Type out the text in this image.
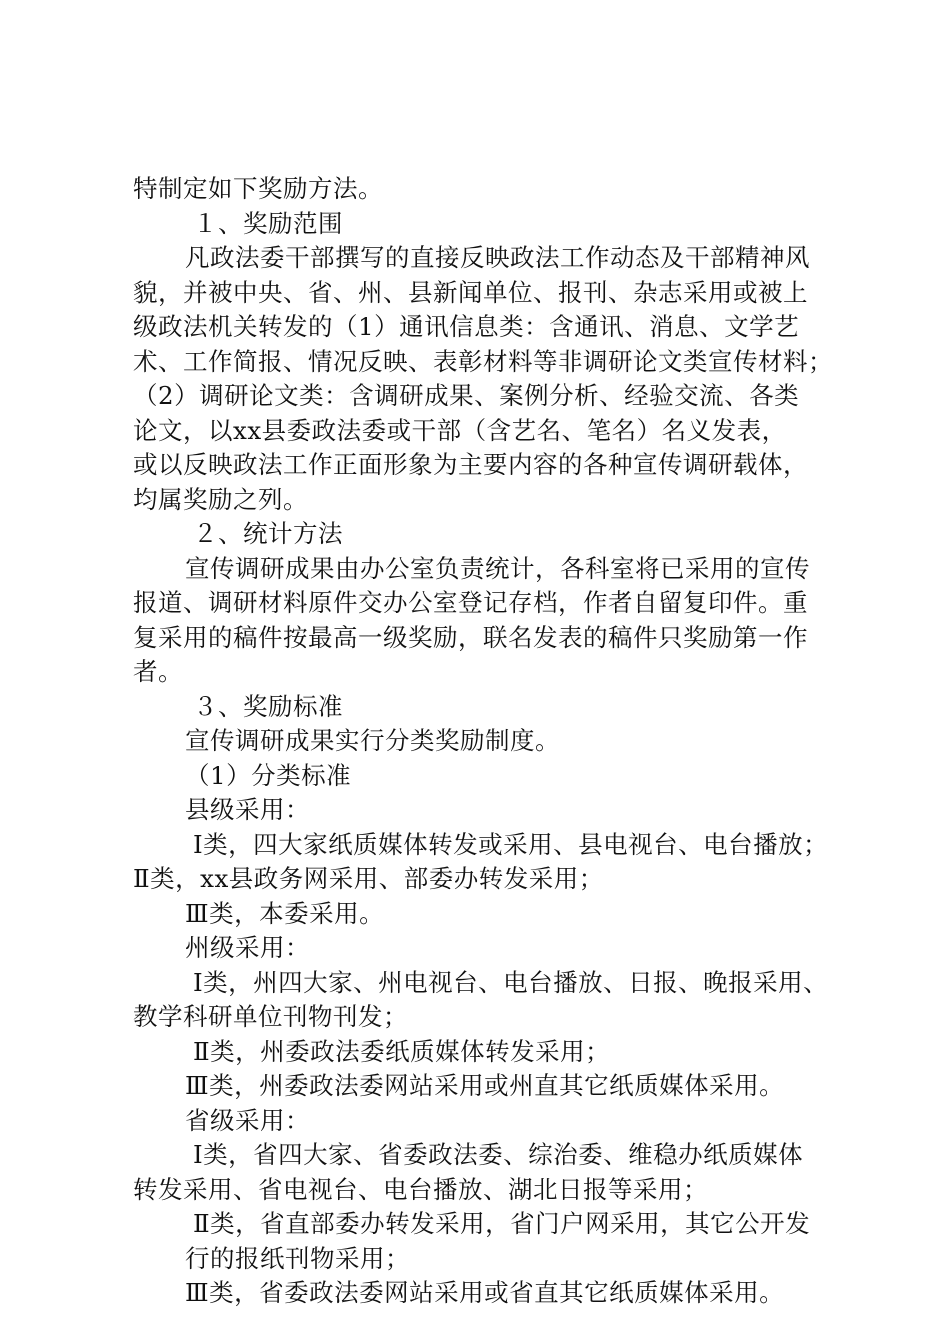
特制定如下奖励方法。
１、奖励范围
凡政法委干部撰写的直接反映政法工作动态及干部精神风
貌，并被中央、省、州、县新闻单位、报刊、杂志采用或被上
级政法机关转发的（1）通讯信息类：含通讯、消息、文学艺
术、工作简报、情况反映、表彰材料等非调研论文类宣传材料；
（2）调研论文类：含调研成果、案例分析、经验交流、各类
论文，以xx县委政法委或干部（含艺名、笔名）名义发表，
或以反映政法工作正面形象为主要内容的各种宣传调研载体，
均属奖励之列。
２、统计方法
宣传调研成果由办公室负责统计，各科室将已采用的宣传
报道、调研材料原件交办公室登记存档，作者自留复印件。重
复采用的稿件按最高一级奖励，联名发表的稿件只奖励第一作
者。
３、奖励标准
宣传调研成果实行分类奖励制度。
（1）分类标准
县级采用：
Ⅰ类，四大家纸质媒体转发或采用、县电视台、电台播放；
Ⅱ类，xx县政务网采用、部委办转发采用；
Ⅲ类，本委采用。
州级采用：
Ⅰ类，州四大家、州电视台、电台播放、日报、晚报采用、
教学科研单位刊物刊发；
Ⅱ类，州委政法委纸质媒体转发采用；
Ⅲ类，州委政法委网站采用或州直其它纸质媒体采用。
省级采用：
Ⅰ类，省四大家、省委政法委、综治委、维稳办纸质媒体
转发采用、省电视台、电台播放、湖北日报等采用；
Ⅱ类，省直部委办转发采用，省门户网采用，其它公开发
行的报纸刊物采用；
Ⅲ类，省委政法委网站采用或省直其它纸质媒体采用。
